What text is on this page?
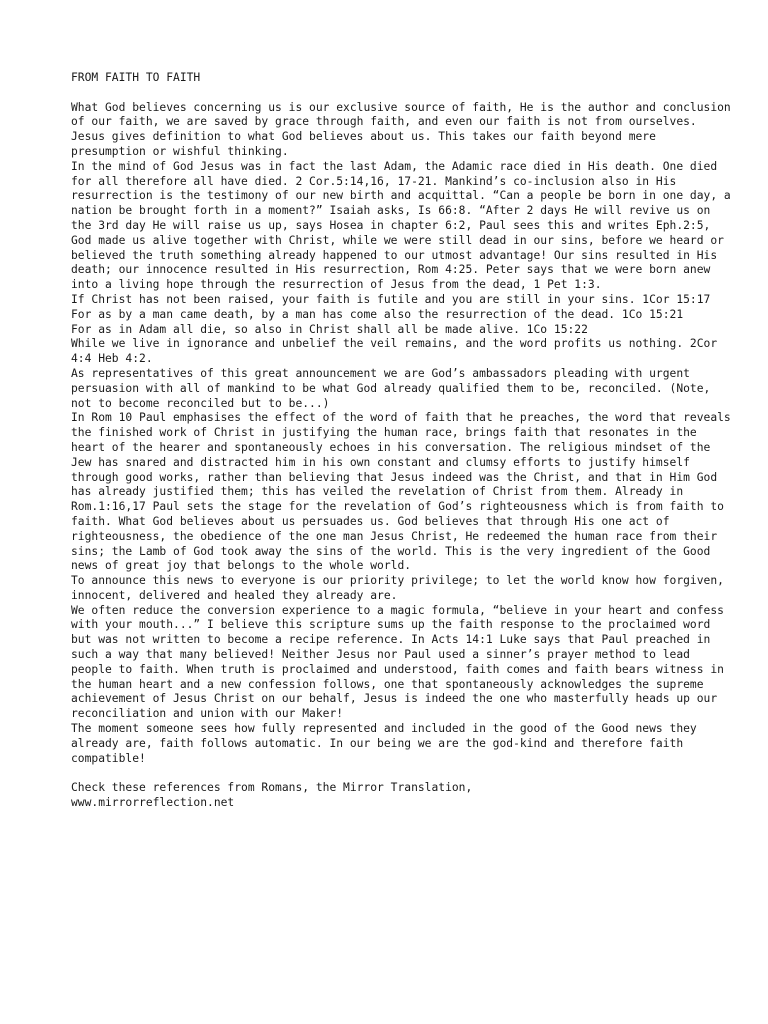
FROM FAITH TO FAITH

What God believes concerning us is our exclusive source of faith, He is the author and conclusion of our faith, we are saved by grace through faith, and even our faith is not from ourselves. Jesus gives definition to what God believes about us. This takes our faith beyond mere presumption or wishful thinking.

In the mind of God Jesus was in fact the last Adam, the Adamic race died in His death. One died for all therefore all have died. 2 Cor.5:14,16, 17-21. Mankind’s co-inclusion also in His resurrection is the testimony of our new birth and acquittal. “Can a people be born in one day, a nation be brought forth in a moment?” Isaiah asks, Is 66:8. “After 2 days He will revive us on the 3rd day He will raise us up, says Hosea in chapter 6:2, Paul sees this and writes Eph.2:5, God made us alive together with Christ, while we were still dead in our sins, before we heard or believed the truth something already happened to our utmost advantage! Our sins resulted in His death; our innocence resulted in His resurrection, Rom 4:25. Peter says that we were born anew into a living hope through the resurrection of Jesus from the dead, 1 Pet 1:3.

If Christ has not been raised, your faith is futile and you are still in your sins. 1Cor 15:17

For as by a man came death, by a man has come also the resurrection of the dead. 1Co 15:21

For as in Adam all die, so also in Christ shall all be made alive. 1Co 15:22

While we live in ignorance and unbelief the veil remains, and the word profits us nothing. 2Cor 4:4 Heb 4:2.

As representatives of this great announcement we are God’s ambassadors pleading with urgent persuasion with all of mankind to be what God already qualified them to be, reconciled. (Note, not to become reconciled but to be...)

In Rom 10 Paul emphasises the effect of the word of faith that he preaches, the word that reveals the finished work of Christ in justifying the human race, brings faith that resonates in the heart of the hearer and spontaneously echoes in his conversation. The religious mindset of the Jew has snared and distracted him in his own constant and clumsy efforts to justify himself through good works, rather than believing that Jesus indeed was the Christ, and that in Him God has already justified them; this has veiled the revelation of Christ from them. Already in Rom.1:16,17 Paul sets the stage for the revelation of God’s righteousness which is from faith to faith. What God believes about us persuades us. God believes that through His one act of righteousness, the obedience of the one man Jesus Christ, He redeemed the human race from their sins; the Lamb of God took away the sins of the world. This is the very ingredient of the Good news of great joy that belongs to the whole world.

To announce this news to everyone is our priority privilege; to let the world know how forgiven, innocent, delivered and healed they already are.

We often reduce the conversion experience to a magic formula, “believe in your heart and confess with your mouth...” I believe this scripture sums up the faith response to the proclaimed word but was not written to become a recipe reference. In Acts 14:1 Luke says that Paul preached in such a way that many believed! Neither Jesus nor Paul used a sinner’s prayer method to lead people to faith. When truth is proclaimed and understood, faith comes and faith bears witness in the human heart and a new confession follows, one that spontaneously acknowledges the supreme achievement of Jesus Christ on our behalf, Jesus is indeed the one who masterfully heads up our reconciliation and union with our Maker!

The moment someone sees how fully represented and included in the good of the Good news they already are, faith follows automatic. In our being we are the god-kind and therefore faith compatible!

Check these references from Romans, the Mirror Translation,

www.mirrorreflection.net
